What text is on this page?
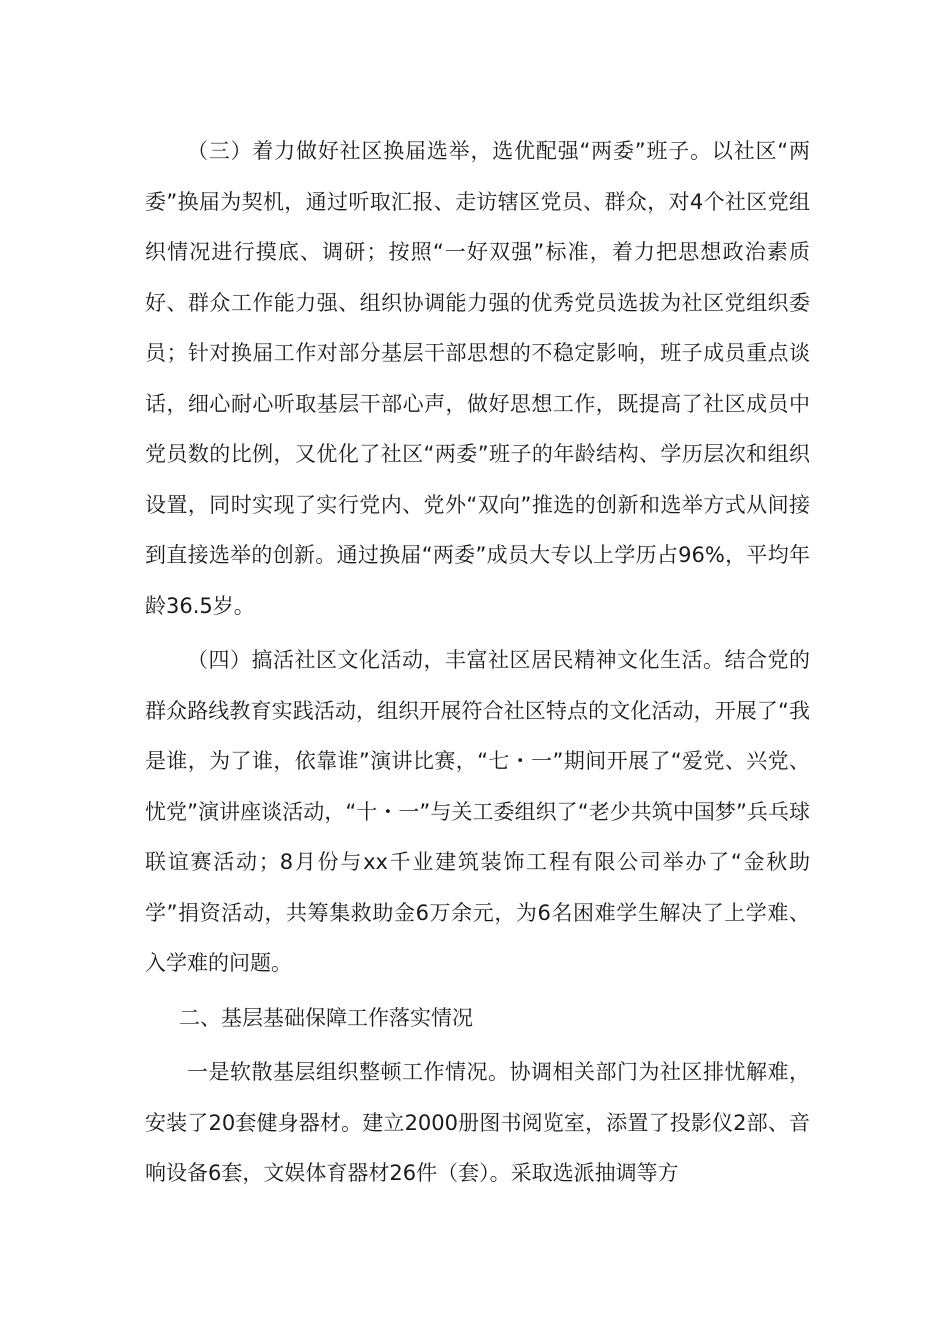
（三）着力做好社区换届选举，选优配强“两委”班子。以社区“两委”换届为契机，通过听取汇报、走访辖区党员、群众，对4个社区党组织情况进行摸底、调研；按照“一好双强”标准，着力把思想政治素质好、群众工作能力强、组织协调能力强的优秀党员选拔为社区党组织委员；针对换届工作对部分基层干部思想的不稳定影响，班子成员重点谈话，细心耐心听取基层干部心声，做好思想工作，既提高了社区成员中党员数的比例，又优化了社区“两委”班子的年龄结构、学历层次和组织设置，同时实现了实行党内、党外“双向”推选的创新和选举方式从间接到直接选举的创新。通过换届“两委”成员大专以上学历占96%，平均年龄36.5岁。

（四）搞活社区文化活动，丰富社区居民精神文化生活。结合党的群众路线教育实践活动，组织开展符合社区特点的文化活动，开展了“我是谁，为了谁，依靠谁”演讲比赛，“七・一”期间开展了“爱党、兴党、忧党”演讲座谈活动，“十・一”与关工委组织了“老少共筑中国梦”兵乓球联谊赛活动；8月份与xx千业建筑装饰工程有限公司举办了“金秋助学”捐资活动，共筹集救助金6万余元，为6名困难学生解决了上学难、入学难的问题。

二、基层基础保障工作落实情况

一是软散基层组织整顿工作情况。协调相关部门为社区排忧解难，安装了20套健身器材。建立2000册图书阅览室，添置了投影仪2部、音响设备6套，文娱体育器材26件（套）。采取选派抽调等方
